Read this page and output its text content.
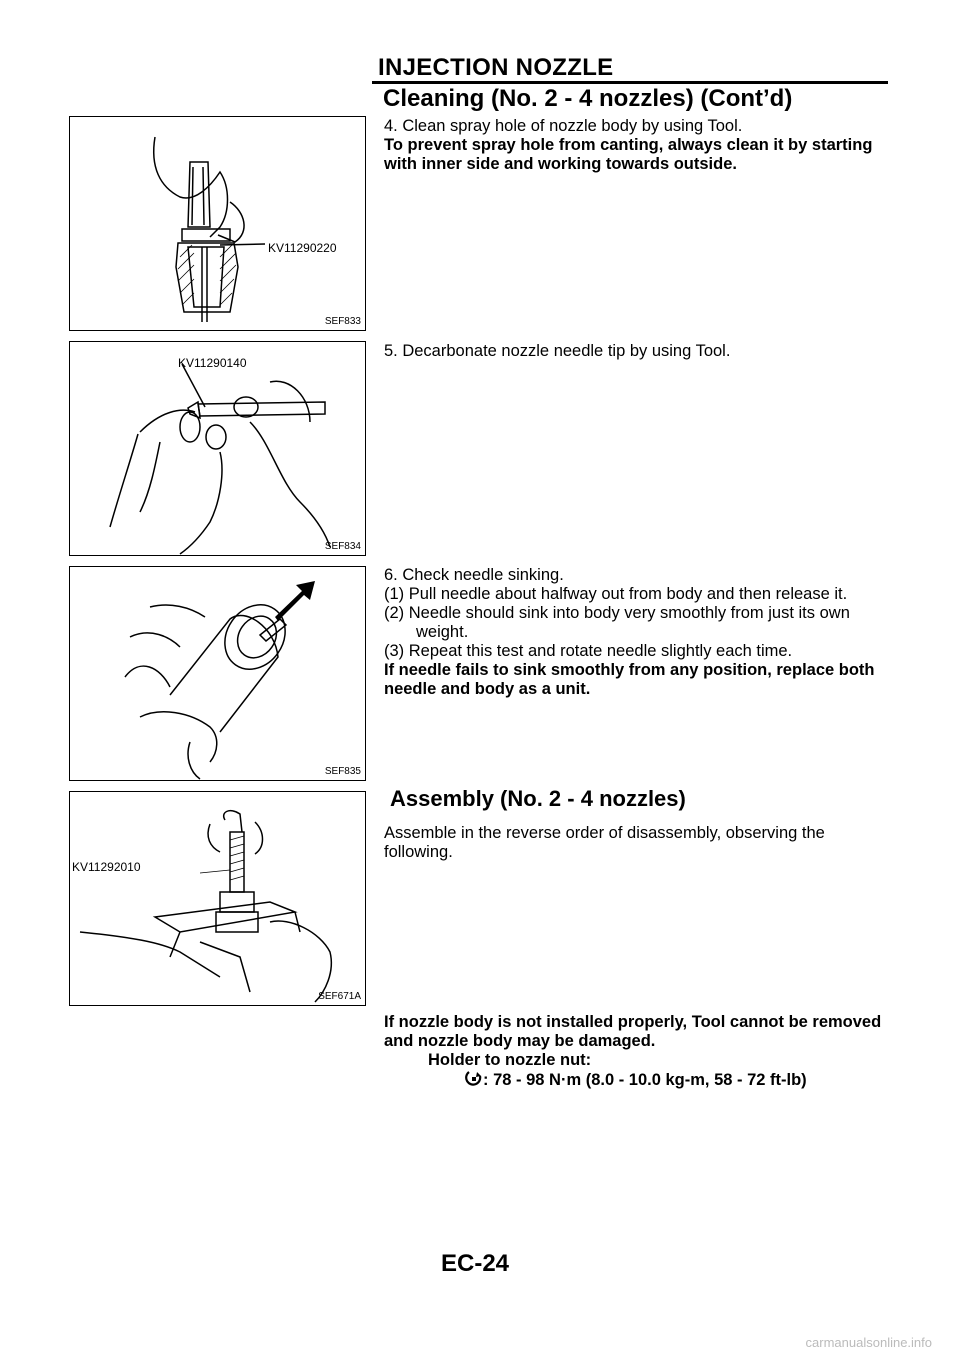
INJECTION NOZZLE
Cleaning (No. 2 - 4 nozzles) (Cont’d)
KV11290220
SEF833
KV11290140
SEF834
SEF835
KV11292010
SEF671A

4. Clean spray hole of nozzle body by using Tool.

To prevent spray hole from canting, always clean it by starting with inner side and working towards outside.

5. Decarbonate nozzle needle tip by using Tool.

6. Check needle sinking.

(1) Pull needle about halfway out from body and then release it.

(2) Needle should sink into body very smoothly from just its own weight.

(3) Repeat this test and rotate needle slightly each time.

If needle fails to sink smoothly from any position, replace both needle and body as a unit.

Assembly (No. 2 - 4 nozzles)

Assemble in the reverse order of disassembly, observing the following.

If nozzle body is not installed properly, Tool cannot be removed and nozzle body may be damaged.

Holder to nozzle nut:

: 78 - 98 N·m (8.0 - 10.0 kg-m, 58 - 72 ft-lb)

EC-24
carmanualsonline.info
